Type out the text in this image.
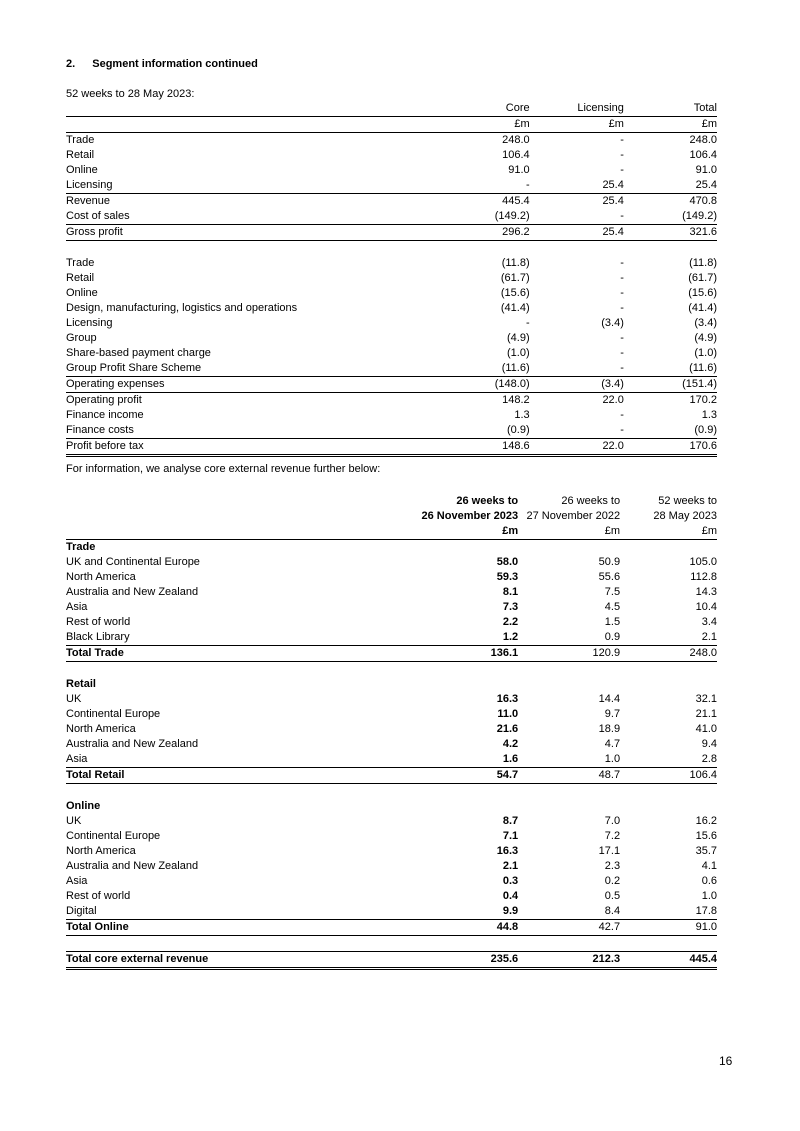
2. Segment information continued
52 weeks to 28 May 2023:
	Core	Licensing	Total
	£m	£m	£m
Trade	248.0	-	248.0
Retail	106.4	-	106.4
Online	91.0	-	91.0
Licensing	-	25.4	25.4
Revenue	445.4	25.4	470.8
Cost of sales	(149.2)	-	(149.2)
Gross profit	296.2	25.4	321.6

Trade	(11.8)	-	(11.8)
Retail	(61.7)	-	(61.7)
Online	(15.6)	-	(15.6)
Design, manufacturing, logistics and operations	(41.4)	-	(41.4)
Licensing	-	(3.4)	(3.4)
Group	(4.9)	-	(4.9)
Share-based payment charge	(1.0)	-	(1.0)
Group Profit Share Scheme	(11.6)	-	(11.6)
Operating expenses	(148.0)	(3.4)	(151.4)
Operating profit	148.2	22.0	170.2
Finance income	1.3	-	1.3
Finance costs	(0.9)	-	(0.9)
Profit before tax	148.6	22.0	170.6
For information, we analyse core external revenue further below:
	26 weeks to	26 weeks to	52 weeks to
	26 November 2023	27 November 2022	28 May 2023
	£m	£m	£m
Trade			
UK and Continental Europe	58.0	50.9	105.0
North America	59.3	55.6	112.8
Australia and New Zealand	8.1	7.5	14.3
Asia	7.3	4.5	10.4
Rest of world	2.2	1.5	3.4
Black Library	1.2	0.9	2.1
Total Trade	136.1	120.9	248.0

Retail			
UK	16.3	14.4	32.1
Continental Europe	11.0	9.7	21.1
North America	21.6	18.9	41.0
Australia and New Zealand	4.2	4.7	9.4
Asia	1.6	1.0	2.8
Total Retail	54.7	48.7	106.4

Online			
UK	8.7	7.0	16.2
Continental Europe	7.1	7.2	15.6
North America	16.3	17.1	35.7
Australia and New Zealand	2.1	2.3	4.1
Asia	0.3	0.2	0.6
Rest of world	0.4	0.5	1.0
Digital	9.9	8.4	17.8
Total Online	44.8	42.7	91.0

Total core external revenue	235.6	212.3	445.4
16
